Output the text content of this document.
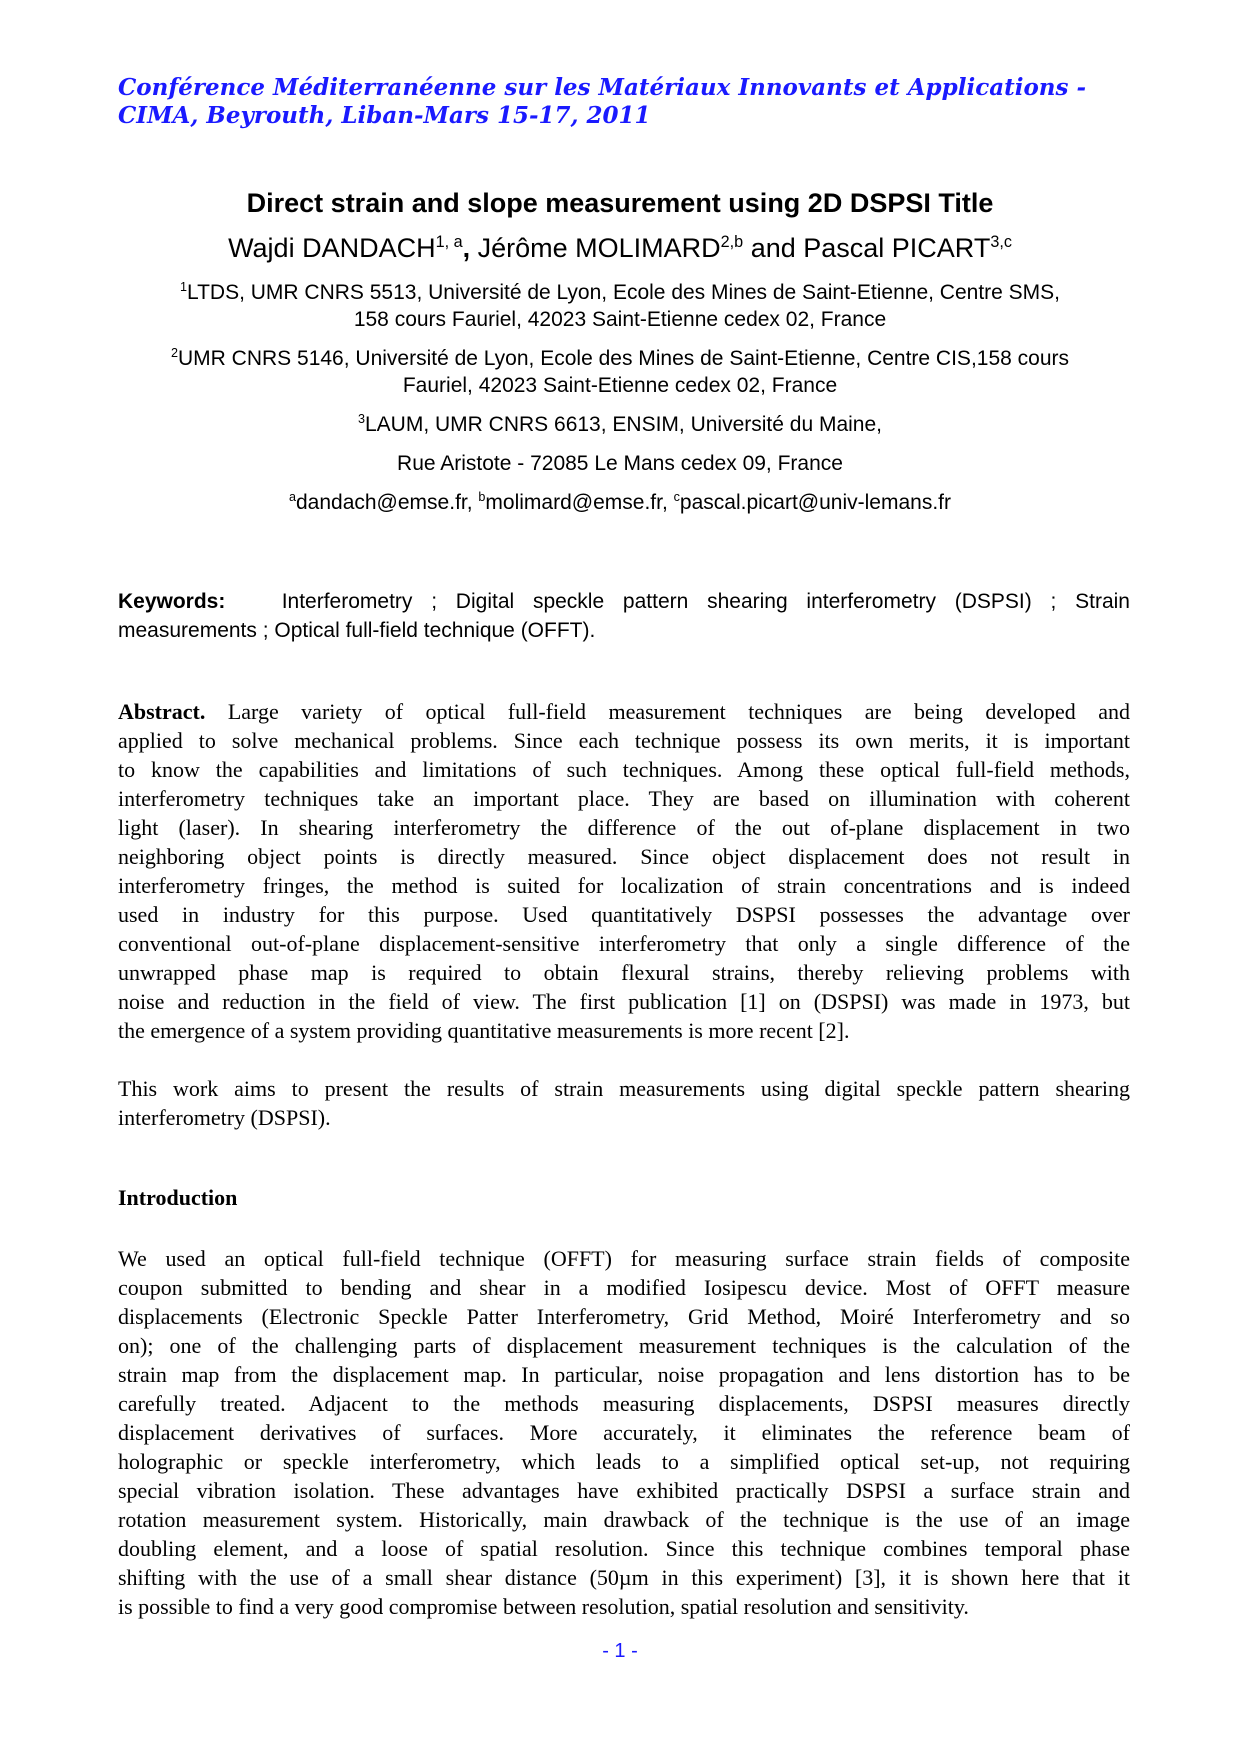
Conférence Méditerranéenne sur les Matériaux Innovants et Applications -
CIMA, Beyrouth, Liban-Mars 15-17, 2011
Direct strain and slope measurement using 2D DSPSI Title
Wajdi DANDACH$^{1, a}$, Jérôme MOLIMARD$^{2,b}$ and Pascal PICART$^{3,c}$
$^1$LTDS, UMR CNRS 5513, Université de Lyon, Ecole des Mines de Saint-Etienne, Centre SMS,
158 cours Fauriel, 42023 Saint-Etienne cedex 02, France
$^2$UMR CNRS 5146, Université de Lyon, Ecole des Mines de Saint-Etienne, Centre CIS,158 cours
Fauriel, 42023 Saint-Etienne cedex 02, France
$^3$LAUM, UMR CNRS 6613, ENSIM, Université du Maine,
Rue Aristote - 72085 Le Mans cedex 09, France
$^a$dandach@emse.fr, $^b$molimard@emse.fr, $^c$pascal.picart@univ-lemans.fr
Keywords:	Interferometry ; Digital speckle pattern shearing interferometry (DSPSI) ; Strain
measurements ; Optical full-field technique (OFFT).
Abstract. Large variety of optical full-field measurement techniques are being developed and
applied to solve mechanical problems. Since each technique possess its own merits, it is important
to know the capabilities and limitations of such techniques. Among these optical full-field methods,
interferometry techniques take an important place. They are based on illumination with coherent
light (laser). In shearing interferometry the difference of the out of-plane displacement in two
neighboring object points is directly measured. Since object displacement does not result in
interferometry fringes, the method is suited for localization of strain concentrations and is indeed
used in industry for this purpose. Used quantitatively DSPSI possesses the advantage over
conventional out-of-plane displacement-sensitive interferometry that only a single difference of the
unwrapped phase map is required to obtain flexural strains, thereby relieving problems with
noise and reduction in the field of view. The first publication [1] on (DSPSI) was made in 1973, but
the emergence of a system providing quantitative measurements is more recent [2].
This work aims to present the results of strain measurements using digital speckle pattern shearing
interferometry (DSPSI).
Introduction
We used an optical full-field technique (OFFT) for measuring surface strain fields of composite
coupon submitted to bending and shear in a modified Iosipescu device. Most of OFFT measure
displacements (Electronic Speckle Patter Interferometry, Grid Method, Moiré Interferometry and so
on); one of the challenging parts of displacement measurement techniques is the calculation of the
strain map from the displacement map. In particular, noise propagation and lens distortion has to be
carefully treated. Adjacent to the methods measuring displacements, DSPSI measures directly
displacement derivatives of surfaces. More accurately, it eliminates the reference beam of
holographic or speckle interferometry, which leads to a simplified optical set-up, not requiring
special vibration isolation. These advantages have exhibited practically DSPSI a surface strain and
rotation measurement system. Historically, main drawback of the technique is the use of an image
doubling element, and a loose of spatial resolution. Since this technique combines temporal phase
shifting with the use of a small shear distance (50µm in this experiment) [3], it is shown here that it
is possible to find a very good compromise between resolution, spatial resolution and sensitivity.
- 1 -
